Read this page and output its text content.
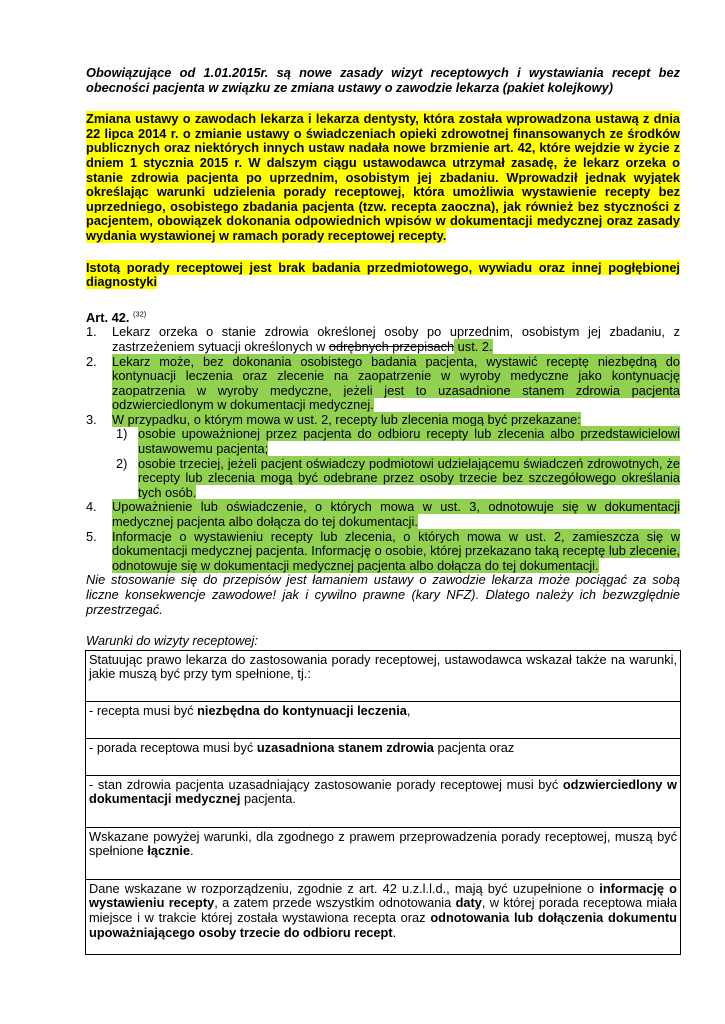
Obowiązujące od 1.01.2015r. są nowe zasady wizyt receptowych i wystawiania recept bez obecności pacjenta w związku ze zmiana ustawy o zawodzie lekarza (pakiet kolejkowy)

Zmiana ustawy o zawodach lekarza i lekarza dentysty, która została wprowadzona ustawą z dnia 22 lipca 2014 r. o zmianie ustawy o świadczeniach opieki zdrowotnej finansowanych ze środków publicznych oraz niektórych innych ustaw nadała nowe brzmienie art. 42, które wejdzie w życie z dniem 1 stycznia 2015 r. W dalszym ciągu ustawodawca utrzymał zasadę, że lekarz orzeka o stanie zdrowia pacjenta po uprzednim, osobistym jej zbadaniu. Wprowadził jednak wyjątek określając warunki udzielenia porady receptowej, która umożliwia wystawienie recepty bez uprzedniego, osobistego zbadania pacjenta (tzw. recepta zaoczna), jak również bez styczności z pacjentem, obowiązek dokonania odpowiednich wpisów w dokumentacji medycznej oraz zasady wydania wystawionej w ramach porady receptowej recepty.

Istotą porady receptowej jest brak badania przedmiotowego, wywiadu oraz innej pogłębionej diagnostyki

Art. 42. $^{(32)}$

1. Lekarz orzeka o stanie zdrowia określonej osoby po uprzednim, osobistym jej zbadaniu, z zastrzeżeniem sytuacji określonych w odrębnych przepisach ust. 2.
2. Lekarz może, bez dokonania osobistego badania pacjenta, wystawić receptę niezbędną do kontynuacji leczenia oraz zlecenie na zaopatrzenie w wyroby medyczne jako kontynuację zaopatrzenia w wyroby medyczne, jeżeli jest to uzasadnione stanem zdrowia pacjenta odzwierciedlonym w dokumentacji medycznej.
3. W przypadku, o którym mowa w ust. 2, recepty lub zlecenia mogą być przekazane:
1) osobie upoważnionej przez pacjenta do odbioru recepty lub zlecenia albo przedstawicielowi ustawowemu pacjenta;
2) osobie trzeciej, jeżeli pacjent oświadczy podmiotowi udzielającemu świadczeń zdrowotnych, że recepty lub zlecenia mogą być odebrane przez osoby trzecie bez szczegółowego określania tych osób.
4. Upoważnienie lub oświadczenie, o których mowa w ust. 3, odnotowuje się w dokumentacji medycznej pacjenta albo dołącza do tej dokumentacji.
5. Informacje o wystawieniu recepty lub zlecenia, o których mowa w ust. 2, zamieszcza się w dokumentacji medycznej pacjenta. Informację o osobie, której przekazano taką receptę lub zlecenie, odnotowuje się w dokumentacji medycznej pacjenta albo dołącza do tej dokumentacji.

Nie stosowanie się do przepisów jest łamaniem ustawy o zawodzie lekarza może pociągać za sobą liczne konsekwencje zawodowe! jak i cywilno prawne (kary NFZ). Dlatego należy ich bezwzględnie przestrzegać.

Warunki do wizyty receptowej:

Statuując prawo lekarza do zastosowania porady receptowej, ustawodawca wskazał także na warunki, jakie muszą być przy tym spełnione, tj.:
- recepta musi być niezbędna do kontynuacji leczenia,
- porada receptowa musi być uzasadniona stanem zdrowia pacjenta oraz
- stan zdrowia pacjenta uzasadniający zastosowanie porady receptowej musi być odzwierciedlony w dokumentacji medycznej pacjenta.
Wskazane powyżej warunki, dla zgodnego z prawem przeprowadzenia porady receptowej, muszą być spełnione łącznie.
Dane wskazane w rozporządzeniu, zgodnie z art. 42 u.z.l.l.d., mają być uzupełnione o informację o wystawieniu recepty, a zatem przede wszystkim odnotowania daty, w której porada receptowa miała miejsce i w trakcie której została wystawiona recepta oraz odnotowania lub dołączenia dokumentu upoważniającego osoby trzecie do odbioru recept.
